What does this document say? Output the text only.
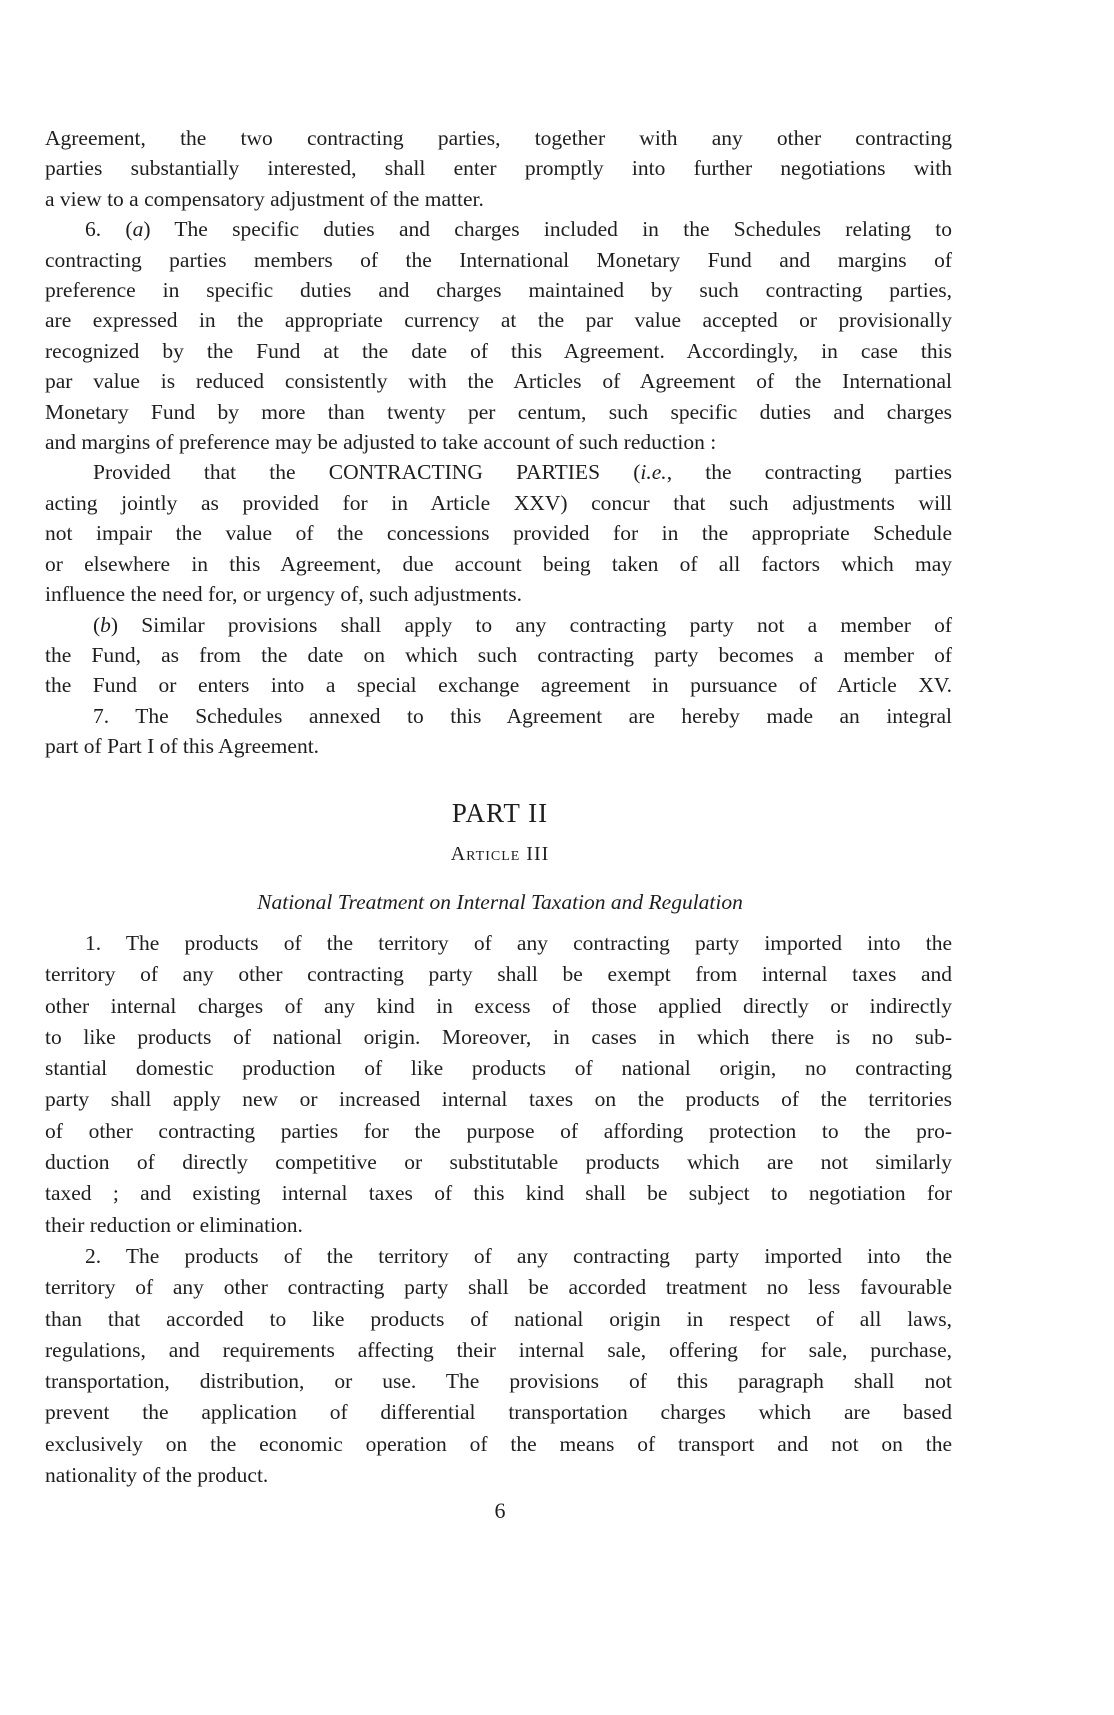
Agreement, the two contracting parties, together with any other contracting
parties substantially interested, shall enter promptly into further negotiations with
a view to a compensatory adjustment of the matter.
6. (a) The specific duties and charges included in the Schedules relating to
contracting parties members of the International Monetary Fund and margins of
preference in specific duties and charges maintained by such contracting parties,
are expressed in the appropriate currency at the par value accepted or provisionally
recognized by the Fund at the date of this Agreement. Accordingly, in case this
par value is reduced consistently with the Articles of Agreement of the International
Monetary Fund by more than twenty per centum, such specific duties and charges
and margins of preference may be adjusted to take account of such reduction :
Provided that the CONTRACTING PARTIES (i.e., the contracting parties
acting jointly as provided for in Article XXV) concur that such adjustments will
not impair the value of the concessions provided for in the appropriate Schedule
or elsewhere in this Agreement, due account being taken of all factors which may
influence the need for, or urgency of, such adjustments.
(b) Similar provisions shall apply to any contracting party not a member of
the Fund, as from the date on which such contracting party becomes a member of
the Fund or enters into a special exchange agreement in pursuance of Article XV.
7. The Schedules annexed to this Agreement are hereby made an integral
part of Part I of this Agreement.
PART II
Article III
National Treatment on Internal Taxation and Regulation
1. The products of the territory of any contracting party imported into the
territory of any other contracting party shall be exempt from internal taxes and
other internal charges of any kind in excess of those applied directly or indirectly
to like products of national origin. Moreover, in cases in which there is no sub-
stantial domestic production of like products of national origin, no contracting
party shall apply new or increased internal taxes on the products of the territories
of other contracting parties for the purpose of affording protection to the pro-
duction of directly competitive or substitutable products which are not similarly
taxed ; and existing internal taxes of this kind shall be subject to negotiation for
their reduction or elimination.
2. The products of the territory of any contracting party imported into the
territory of any other contracting party shall be accorded treatment no less favourable
than that accorded to like products of national origin in respect of all laws,
regulations, and requirements affecting their internal sale, offering for sale, purchase,
transportation, distribution, or use. The provisions of this paragraph shall not
prevent the application of differential transportation charges which are based
exclusively on the economic operation of the means of transport and not on the
nationality of the product.
6
